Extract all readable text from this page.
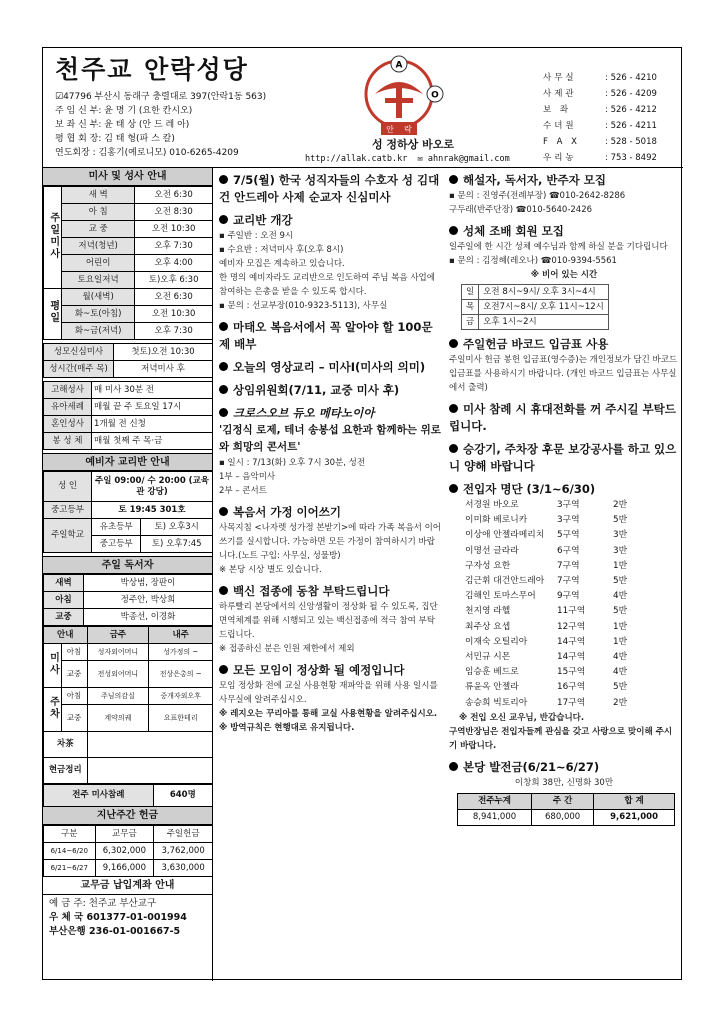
천주교 안락성당
☑47796 부산시 동래구 충렬대로 397(안락1동 563)
주 임 신 부: 윤 명 기 (요한 칸시오)
보 좌 신 부: 윤 태 상 (안 드 레 아)
평 협 회 장: 김 태 형(파 스 칼)
연도회장 : 김홍기(예로니모) 010-6265-4209
A
O
안 락
성 정하상 바오로
http://allak.catb.kr ✉ ahnrak@gmail.com
사무실	: 526 - 4210
사제관	: 526 - 4209
보 좌	: 526 - 4212
수녀원	: 526 - 4211
F A X	: 528 - 5018
우리농	: 753 - 8492
미사 및 성사 안내
주일미사	새 벽	오전 6:30
	아 침	오전 8:30
	교 중	오전 10:30
	저녁(청년)	오후 7:30
	어린이	오후 4:00
	토요일저녁	토)오후 6:30
평일	월(새벽)	오전 6:30
	화~토(아침)	오전 10:30
	화~금(저녁)	오후 7:30
성모신심미사	첫토)오전 10:30
성시간(매주 목)	저녁미사 후
고해성사	매 미사 30분 전
유아세례	매월 끝 주 토요일 17시
혼인성사	1개월 전 신청
봉 성 체	매월 첫째 주 목·금
예비자 교리반 안내
성 인	주일 09:00/ 수 20:00 (교육관 강당)	
중고등부	토 19:45 301호	
주일학교	유초등부	토) 오후3시
	중고등부	토) 오후7:45
주일 독서자
새벽	박상범, 장판이
아침	정주안, 박상희
교중	박종선, 이경화
안내		금주	내주
미사	아침	성자외어머니	성가정의 ~
	교중	전성외어머니	전상은총의 ~
주차	아침	주님의감실	중개자외오후
	교중	계약의궤	요표한테리
차茶			
현금정리			
전주 미사참례	640명
지난주간 헌금
구분	교무금	주일헌금
6/14~6/20	6,302,000	3,762,000
6/21~6/27	9,166,000	3,630,000
교무금 납입계좌 안내
예 금 주: 천주교 부산교구
우 체 국 601377-01-001994
부산은행 236-01-001667-5
7/5(월) 한국 성직자들의 수호자 성 김대건 안드레아 사제 순교자 신심미사
교리반 개강
▪ 주일반 : 오전 9시
▪ 수요반 : 저녁미사 후(오후 8시)
예비자 모집은 계속하고 있습니다.
한 명의 예비자라도 교리반으로 인도하여 주님 복음 사업에 참여하는 은총을 받을 수 있도록 합시다.
▪ 문의 : 선교부장(010-9323-5113), 사무실
마태오 복음서에서 꼭 알아야 할 100문제 배부
오늘의 영상교리 – 미사Ⅰ(미사의 의미)
상임위원회(7/11, 교중 미사 후)
크로스오브 듀오 메타노이아
'김정식 로제, 테너 송봉섭 요한과 함께하는 위로와 희망의 콘서트'
▪ 일시 : 7/13(화) 오후 7시 30분, 성전
1부 – 음악미사
2부 – 콘서트
복음서 가정 이어쓰기
사목지침 <나자렛 성가정 본받기>에 따라 가족 복음서 이어쓰기를 실시합니다. 가능하면 모든 가정이 참여하시기 바랍니다.(노트 구입: 사무실, 성물방)
※ 본당 시상 별도 있습니다.
백신 접종에 동참 부탁드립니다
하루빨리 본당에서의 신앙생활이 정상화 될 수 있도록, 집단면역체계를 위해 시행되고 있는 백신접종에 적극 참여 부탁드립니다.
※ 접종하신 분은 인원 제한에서 제외
모든 모임이 정상화 될 예정입니다
모임 정상화 전에 교실 사용현황 재파악을 위해 사용 일시를 사무실에 알려주십시오.
※ 레지오는 꾸리아를 통해 교실 사용현황을 알려주십시오.
※ 방역규칙은 현행대로 유지됩니다.
해설자, 독서자, 반주자 모집
▪ 문의 : 진영주(전례부장) ☎010-2642-8286
구두래(반주단장) ☎010-5640-2426
성체 조배 회원 모집
일주일에 한 시간 성체 예수님과 함께 하실 분을 기다립니다
▪ 문의 : 김정혜(레오나) ☎010-9394-5561
※ 비어 있는 시간
일	오전 8시~9시/ 오후 3시~4시
목	오전7시~8시/ 오후 11시~12시
금	오후 1시~2시
주일헌금 바코드 입금표 사용
주일미사 헌금 봉헌 입금표(영수증)는 개인정보가 담긴 바코드 입금표를 사용하시기 바랍니다. (개인 바코드 입금표는 사무실에서 출력)
미사 참례 시 휴대전화를 꺼 주시길 부탁드립니다.
승강기, 주차장 후문 보강공사를 하고 있으니 양해 바랍니다
전입자 명단 (3/1~6/30)
서경원 바오로	3구역	2반
이미화 베로니카	3구역	5반
이상애 안젤라메리치	5구역	3반
이명선 글라라	6구역	3반
구자성 요한	7구역	1반
김근휘 대건안드레아	7구역	5반
김해인 토마스무어	9구역	4반
천지영 라헬	11구역	5반
최주상 요셉	12구역	1반
이재숙 오틸리아	14구역	1반
서민규 시몬	14구역	4반
임승훈 베드로	15구역	4반
류윤옥 안젤라	16구역	5반
송승희 빅토리아	17구역	2반
※ 전입 오신 교우님, 반갑습니다.
구역반장님은 전입자들께 관심을 갖고 사랑으로 맞이해 주시기 바랍니다.
본당 발전금(6/21~6/27)
이창희 38만, 신명화 30만
전주누계	주 간	합 계
8,941,000	680,000	9,621,000
